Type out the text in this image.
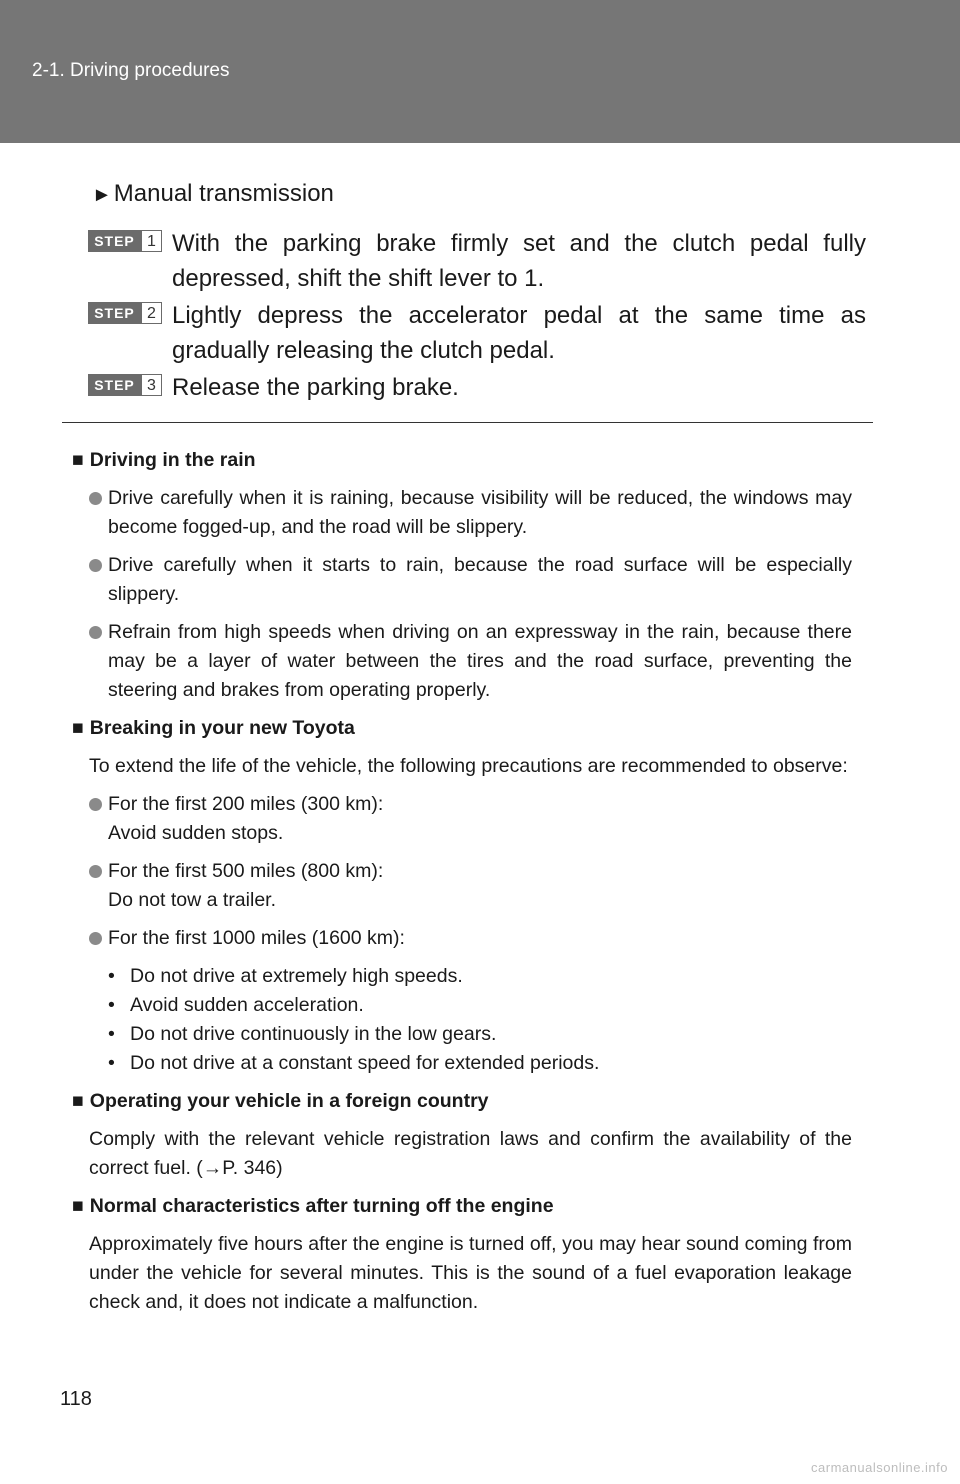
2-1. Driving procedures
►Manual transmission
STEP 1 With the parking brake firmly set and the clutch pedal fully depressed, shift the shift lever to 1.
STEP 2 Lightly depress the accelerator pedal at the same time as gradually releasing the clutch pedal.
STEP 3 Release the parking brake.
■ Driving in the rain
Drive carefully when it is raining, because visibility will be reduced, the windows may become fogged-up, and the road will be slippery.
Drive carefully when it starts to rain, because the road surface will be especially slippery.
Refrain from high speeds when driving on an expressway in the rain, because there may be a layer of water between the tires and the road surface, preventing the steering and brakes from operating properly.
■ Breaking in your new Toyota
To extend the life of the vehicle, the following precautions are recommended to observe:
For the first 200 miles (300 km):
Avoid sudden stops.
For the first 500 miles (800 km):
Do not tow a trailer.
For the first 1000 miles (1600 km):
• Do not drive at extremely high speeds.
• Avoid sudden acceleration.
• Do not drive continuously in the low gears.
• Do not drive at a constant speed for extended periods.
■ Operating your vehicle in a foreign country
Comply with the relevant vehicle registration laws and confirm the availability of the correct fuel. (→P. 346)
■ Normal characteristics after turning off the engine
Approximately five hours after the engine is turned off, you may hear sound coming from under the vehicle for several minutes. This is the sound of a fuel evaporation leakage check and, it does not indicate a malfunction.
118
carmanualsonline.info
